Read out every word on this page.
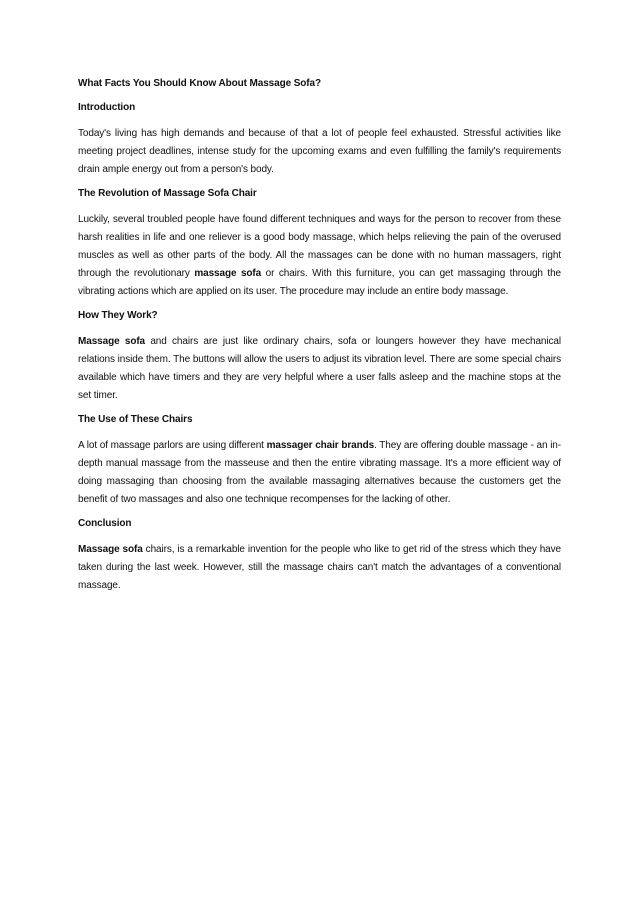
What Facts You Should Know About Massage Sofa?
Introduction

Today's living has high demands and because of that a lot of people feel exhausted. Stressful activities like meeting project deadlines, intense study for the upcoming exams and even fulfilling the family's requirements drain ample energy out from a person's body.

The Revolution of Massage Sofa Chair

Luckily, several troubled people have found different techniques and ways for the person to recover from these harsh realities in life and one reliever is a good body massage, which helps relieving the pain of the overused muscles as well as other parts of the body. All the massages can be done with no human massagers, right through the revolutionary massage sofa or chairs. With this furniture, you can get massaging through the vibrating actions which are applied on its user. The procedure may include an entire body massage.

How They Work?

Massage sofa and chairs are just like ordinary chairs, sofa or loungers however they have mechanical relations inside them. The buttons will allow the users to adjust its vibration level. There are some special chairs available which have timers and they are very helpful where a user falls asleep and the machine stops at the set timer.

The Use of These Chairs

A lot of massage parlors are using different massager chair brands. They are offering double massage - an in-depth manual massage from the masseuse and then the entire vibrating massage. It's a more efficient way of doing massaging than choosing from the available massaging alternatives because the customers get the benefit of two massages and also one technique recompenses for the lacking of other.

Conclusion

Massage sofa chairs, is a remarkable invention for the people who like to get rid of the stress which they have taken during the last week. However, still the massage chairs can't match the advantages of a conventional massage.
